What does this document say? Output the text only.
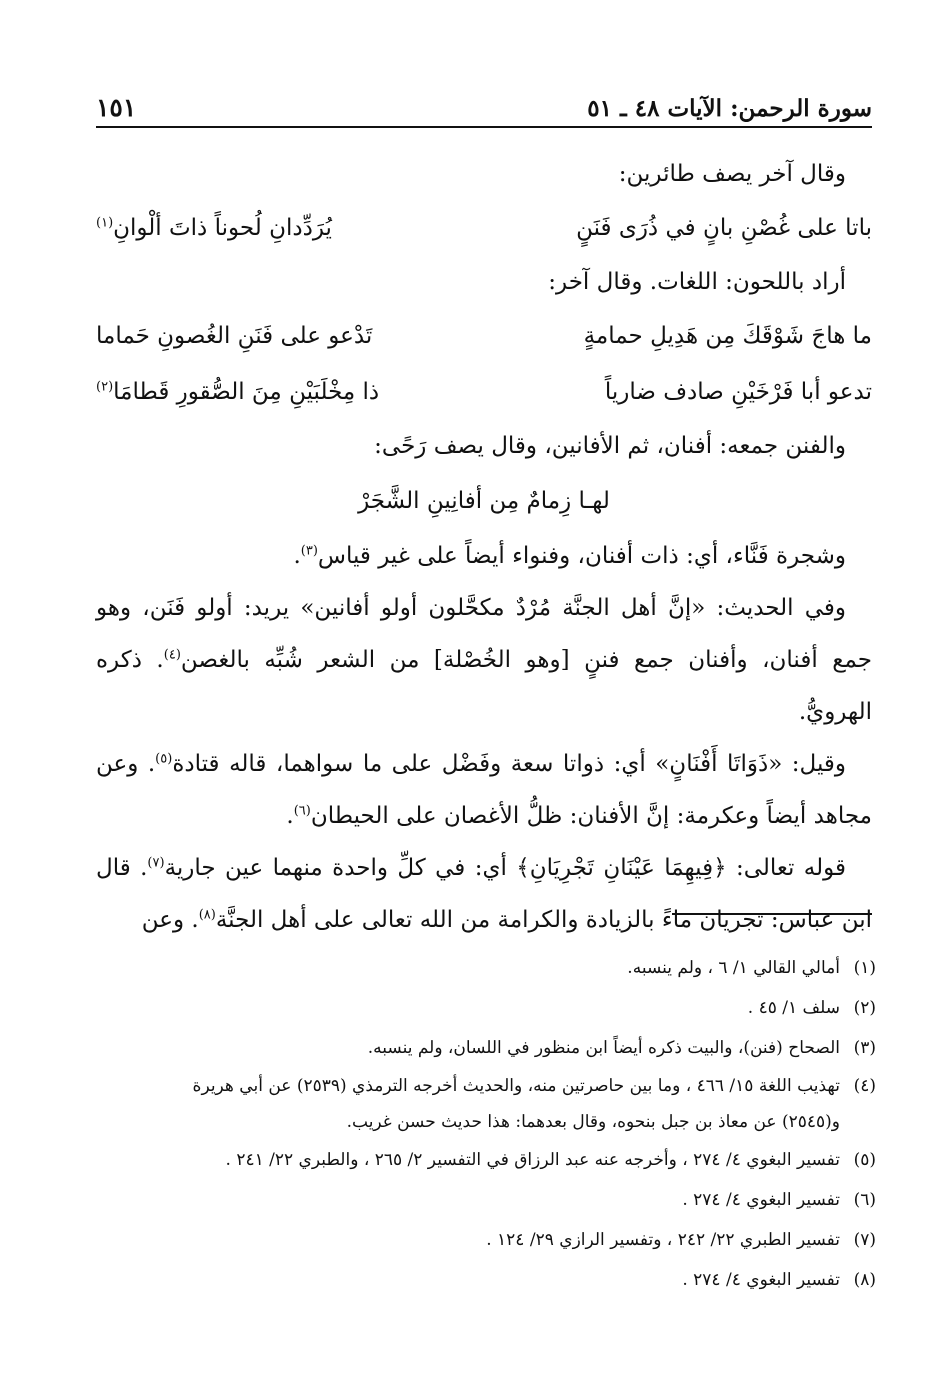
سورة الرحمن: الآيات ٤٨ ـ ٥١
١٥١

وقال آخر يصف طائرين:

باتا على غُصْنِ بانٍ في ذُرَى فَنَنٍ
يُرَدِّدانِ لُحوناً ذاتَ ألْوانِ$^{(١)}$

أراد باللحون: اللغات. وقال آخر:

ما هاجَ شَوْقَكَ مِن هَدِيلِ حمامةٍ
تَدْعو على فَنَنِ الغُصونِ حَماما
تدعو أبا فَرْخَيْنِ صادف ضارياً
ذا مِخْلَبَيْنِ مِنَ الصُّقورِ قَطامَا$^{(٢)}$

والفنن جمعه: أفنان، ثم الأفانين، وقال يصف رَحًى:

لهـا زِمامٌ مِن أفانِينِ الشَّجَرْ

وشجرة فَنَّاء، أي: ذات أفنان، وفنواء أيضاً على غير قياس$^{(٣)}$.

وفي الحديث: «إنَّ أهل الجنَّة مُرْدٌ مكحَّلون أولو أفانين» يريد: أولو فَنَن، وهو جمع أفنان، وأفنان جمع فننٍ [وهو الخُصْلة] من الشعر شُبِّه بالغصن$^{(٤)}$. ذكره الهرويُّ.

وقيل: «ذَوَاتَا أَفْنَانٍ» أي: ذواتا سعة وفَضْل على ما سواهما، قاله قتادة$^{(٥)}$. وعن مجاهد أيضاً وعكرمة: إنَّ الأفنان: ظلُّ الأغصان على الحيطان$^{(٦)}$.

قوله تعالى: ﴿فِيهِمَا عَيْنَانِ تَجْرِيَانِ﴾ أي: في كلِّ واحدة منهما عين جارية$^{(٧)}$. قال ابن عباس: تجريان ماءً بالزيادة والكرامة من الله تعالى على أهل الجنَّة$^{(٨)}$. وعن

(١)
أمالي القالي ١/ ٦ ، ولم ينسبه.

(٢)
سلف ١/ ٤٥ .

(٣)
الصحاح (فنن)، والبيت ذكره أيضاً ابن منظور في اللسان، ولم ينسبه.

(٤)
تهذيب اللغة ١٥/ ٤٦٦ ، وما بين حاصرتين منه، والحديث أخرجه الترمذي (٢٥٣٩) عن أبي هريرة
و(٢٥٤٥) عن معاذ بن جبل بنحوه، وقال بعدهما: هذا حديث حسن غريب.

(٥)
تفسير البغوي ٤/ ٢٧٤ ، وأخرجه عنه عبد الرزاق في التفسير ٢/ ٢٦٥ ، والطبري ٢٢/ ٢٤١ .

(٦)
تفسير البغوي ٤/ ٢٧٤ .

(٧)
تفسير الطبري ٢٢/ ٢٤٢ ، وتفسير الرازي ٢٩/ ١٢٤ .

(٨)
تفسير البغوي ٤/ ٢٧٤ .
